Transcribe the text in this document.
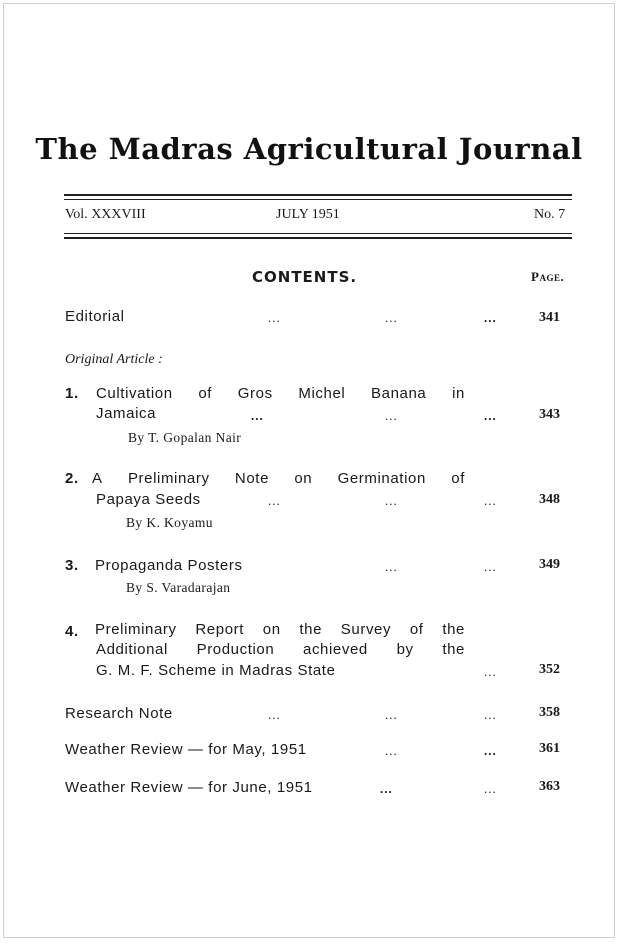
The Madras Agricultural Journal
Vol. XXXVIII	JULY 1951	No. 7
CONTENTS.	Page.
Editorial	...	...	...	341
Original Article :
1. Cultivation of Gros Michel Banana in
Jamaica	...	...	...	343
By T. Gopalan Nair
2. A Preliminary Note on Germination of
Papaya Seeds	...	...	...	348
By K. Koyamu
3. Propaganda Posters	...	...	349
By S. Varadarajan
4. Preliminary Report on the Survey of the
Additional Production achieved by the
G. M. F. Scheme in Madras State	...	352
Research Note	...	...	...	358
Weather Review — for May, 1951	...	...	361
Weather Review — for June, 1951	...	...	363
